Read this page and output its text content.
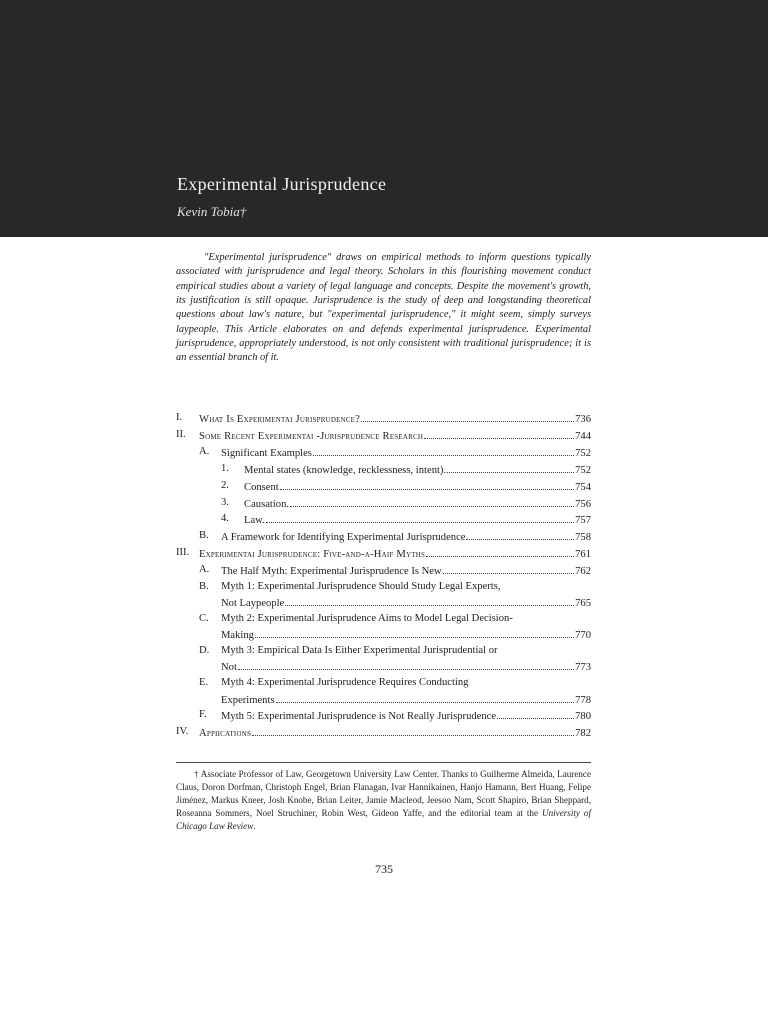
Experimental Jurisprudence
Kevin Tobia†

"Experimental jurisprudence" draws on empirical methods to inform questions typically associated with jurisprudence and legal theory. Scholars in this flourishing movement conduct empirical studies about a variety of legal language and concepts. Despite the movement's growth, its justification is still opaque. Jurisprudence is the study of deep and longstanding theoretical questions about law's nature, but "experimental jurisprudence," it might seem, simply surveys laypeople. This Article elaborates on and defends experimental jurisprudence. Experimental jurisprudence, appropriately understood, is not only consistent with traditional jurisprudence; it is an essential branch of it.

I. What Is Experimentai Jurisprudence?	736
II. Some Recent Experimentai -Jurisprudence Research	744
A. Significant Examples	752
1. Mental states (knowledge, recklessness, intent).	752
2. Consent	754
3. Causation.	756
4. Law.	757
B. A Framework for Identifying Experimental Jurisprudence	758
III. Experimentai Jurisprudence: Five-and-a-Haif Myths	761
A. The Half Myth: Experimental Jurisprudence Is New	762
B. Myth 1: Experimental Jurisprudence Should Study Legal Experts,
Not Laypeople	765
C. Myth 2: Experimental Jurisprudence Aims to Model Legal Decision-
Making	770
D. Myth 3: Empirical Data Is Either Experimental Jurisprudential or
Not	773
E. Myth 4: Experimental Jurisprudence Requires Conducting
Experiments	778
F. Myth 5: Experimental Jurisprudence is Not Really Jurisprudence	780
IV. Appiications	782

† Associate Professor of Law, Georgetown University Law Center. Thanks to Guilherme Almeida, Laurence Claus, Doron Dorfman, Christoph Engel, Brian Flanagan, Ivar Hannikainen, Hanjo Hamann, Bert Huang, Felipe Jiménez, Markus Kneer, Josh Knobe, Brian Leiter, Jamie Macleod, Jeesoo Nam, Scott Shapiro, Brian Sheppard, Roseanna Sommers, Noel Struchiner, Robin West, Gideon Yaffe, and the editorial team at the University of Chicago Law Review.

735
